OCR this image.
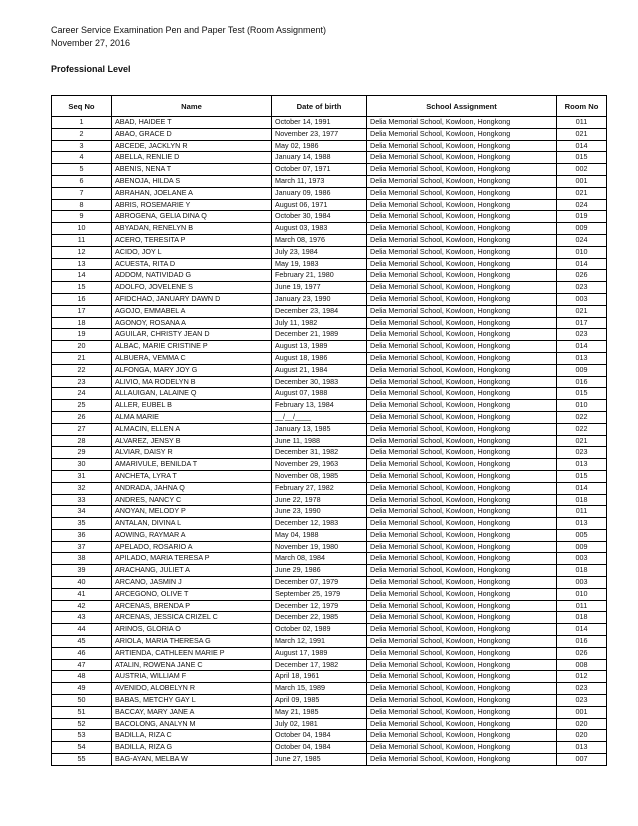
Career Service Examination Pen and Paper Test (Room Assignment)
November 27, 2016
Professional Level
Seq No	Name	Date of birth	School Assignment	Room No
1	ABAD, HAIDEE T	October 14, 1991	Delia Memorial School, Kowloon, Hongkong	011
2	ABAO, GRACE D	November 23, 1977	Delia Memorial School, Kowloon, Hongkong	021
3	ABCEDE, JACKLYN R	May 02, 1986	Delia Memorial School, Kowloon, Hongkong	014
4	ABELLA, RENLIE D	January 14, 1988	Delia Memorial School, Kowloon, Hongkong	015
5	ABENIS, NENA T	October 07, 1971	Delia Memorial School, Kowloon, Hongkong	002
6	ABENOJA, HILDA S	March 11, 1973	Delia Memorial School, Kowloon, Hongkong	001
7	ABRAHAN, JOELANE A	January 09, 1986	Delia Memorial School, Kowloon, Hongkong	021
8	ABRIS, ROSEMARIE Y	August 06, 1971	Delia Memorial School, Kowloon, Hongkong	024
9	ABROGENA, GELIA DINA Q	October 30, 1984	Delia Memorial School, Kowloon, Hongkong	019
10	ABYADAN, RENELYN B	August 03, 1983	Delia Memorial School, Kowloon, Hongkong	009
11	ACERO, TERESITA P	March 08, 1976	Delia Memorial School, Kowloon, Hongkong	024
12	ACIDO, JOY L	July 23, 1984	Delia Memorial School, Kowloon, Hongkong	010
13	ACUESTA, RITA D	May 19, 1983	Delia Memorial School, Kowloon, Hongkong	014
14	ADDOM, NATIVIDAD G	February 21, 1980	Delia Memorial School, Kowloon, Hongkong	026
15	ADOLFO, JOVELENE S	June 19, 1977	Delia Memorial School, Kowloon, Hongkong	023
16	AFIDCHAO, JANUARY DAWN D	January 23, 1990	Delia Memorial School, Kowloon, Hongkong	003
17	AGOJO, EMMABEL A	December 23, 1984	Delia Memorial School, Kowloon, Hongkong	021
18	AGONOY, ROSANA A	July 11, 1982	Delia Memorial School, Kowloon, Hongkong	017
19	AGUILAR, CHRISTY JEAN D	December 21, 1989	Delia Memorial School, Kowloon, Hongkong	023
20	ALBAC, MARIE CRISTINE P	August 13, 1989	Delia Memorial School, Kowloon, Hongkong	014
21	ALBUERA, VEMMA C	August 18, 1986	Delia Memorial School, Kowloon, Hongkong	013
22	ALFONGA, MARY JOY G	August 21, 1984	Delia Memorial School, Kowloon, Hongkong	009
23	ALIVIO, MA RODELYN B	December 30, 1983	Delia Memorial School, Kowloon, Hongkong	016
24	ALLAUIGAN, LALAINE Q	August 07, 1988	Delia Memorial School, Kowloon, Hongkong	015
25	ALLER, EUBEL B	February 13, 1984	Delia Memorial School, Kowloon, Hongkong	010
26	ALMA MARIE	__/__/____	Delia Memorial School, Kowloon, Hongkong	022
27	ALMACIN, ELLEN A	January 13, 1985	Delia Memorial School, Kowloon, Hongkong	022
28	ALVAREZ, JENSY B	June 11, 1988	Delia Memorial School, Kowloon, Hongkong	021
29	ALVIAR, DAISY R	December 31, 1982	Delia Memorial School, Kowloon, Hongkong	023
30	AMARIVULE, BENILDA T	November 29, 1963	Delia Memorial School, Kowloon, Hongkong	013
31	ANCHETA, LYRA T	November 08, 1985	Delia Memorial School, Kowloon, Hongkong	015
32	ANDRADA, JAHNA Q	February 27, 1982	Delia Memorial School, Kowloon, Hongkong	014
33	ANDRES, NANCY C	June 22, 1978	Delia Memorial School, Kowloon, Hongkong	018
34	ANOYAN, MELODY P	June 23, 1990	Delia Memorial School, Kowloon, Hongkong	011
35	ANTALAN, DIVINA L	December 12, 1983	Delia Memorial School, Kowloon, Hongkong	013
36	AOWING, RAYMAR A	May 04, 1988	Delia Memorial School, Kowloon, Hongkong	005
37	APELADO, ROSARIO A	November 19, 1980	Delia Memorial School, Kowloon, Hongkong	009
38	APILADO, MARIA TERESA P	March 08, 1984	Delia Memorial School, Kowloon, Hongkong	003
39	ARACHANG, JULIET A	June 29, 1986	Delia Memorial School, Kowloon, Hongkong	018
40	ARCANO, JASMIN J	December 07, 1979	Delia Memorial School, Kowloon, Hongkong	003
41	ARCEGONO, OLIVE T	September 25, 1979	Delia Memorial School, Kowloon, Hongkong	010
42	ARCENAS, BRENDA P	December 12, 1979	Delia Memorial School, Kowloon, Hongkong	011
43	ARCENAS, JESSICA CRIZEL C	December 22, 1985	Delia Memorial School, Kowloon, Hongkong	018
44	ARINOS, GLORIA O	October 02, 1989	Delia Memorial School, Kowloon, Hongkong	014
45	ARIOLA, MARIA THERESA G	March 12, 1991	Delia Memorial School, Kowloon, Hongkong	016
46	ARTIENDA, CATHLEEN MARIE P	August 17, 1989	Delia Memorial School, Kowloon, Hongkong	026
47	ATALIN, ROWENA JANE C	December 17, 1982	Delia Memorial School, Kowloon, Hongkong	008
48	AUSTRIA, WILLIAM F	April 18, 1961	Delia Memorial School, Kowloon, Hongkong	012
49	AVENIDO, ALOBELYN R	March 15, 1989	Delia Memorial School, Kowloon, Hongkong	023
50	BABAS, METCHY GAY L	April 09, 1985	Delia Memorial School, Kowloon, Hongkong	023
51	BACCAY, MARY JANE A	May 21, 1985	Delia Memorial School, Kowloon, Hongkong	001
52	BACOLONG, ANALYN M	July 02, 1981	Delia Memorial School, Kowloon, Hongkong	020
53	BADILLA, RIZA C	October 04, 1984	Delia Memorial School, Kowloon, Hongkong	020
54	BADILLA, RIZA G	October 04, 1984	Delia Memorial School, Kowloon, Hongkong	013
55	BAG-AYAN, MELBA W	June 27, 1985	Delia Memorial School, Kowloon, Hongkong	007
